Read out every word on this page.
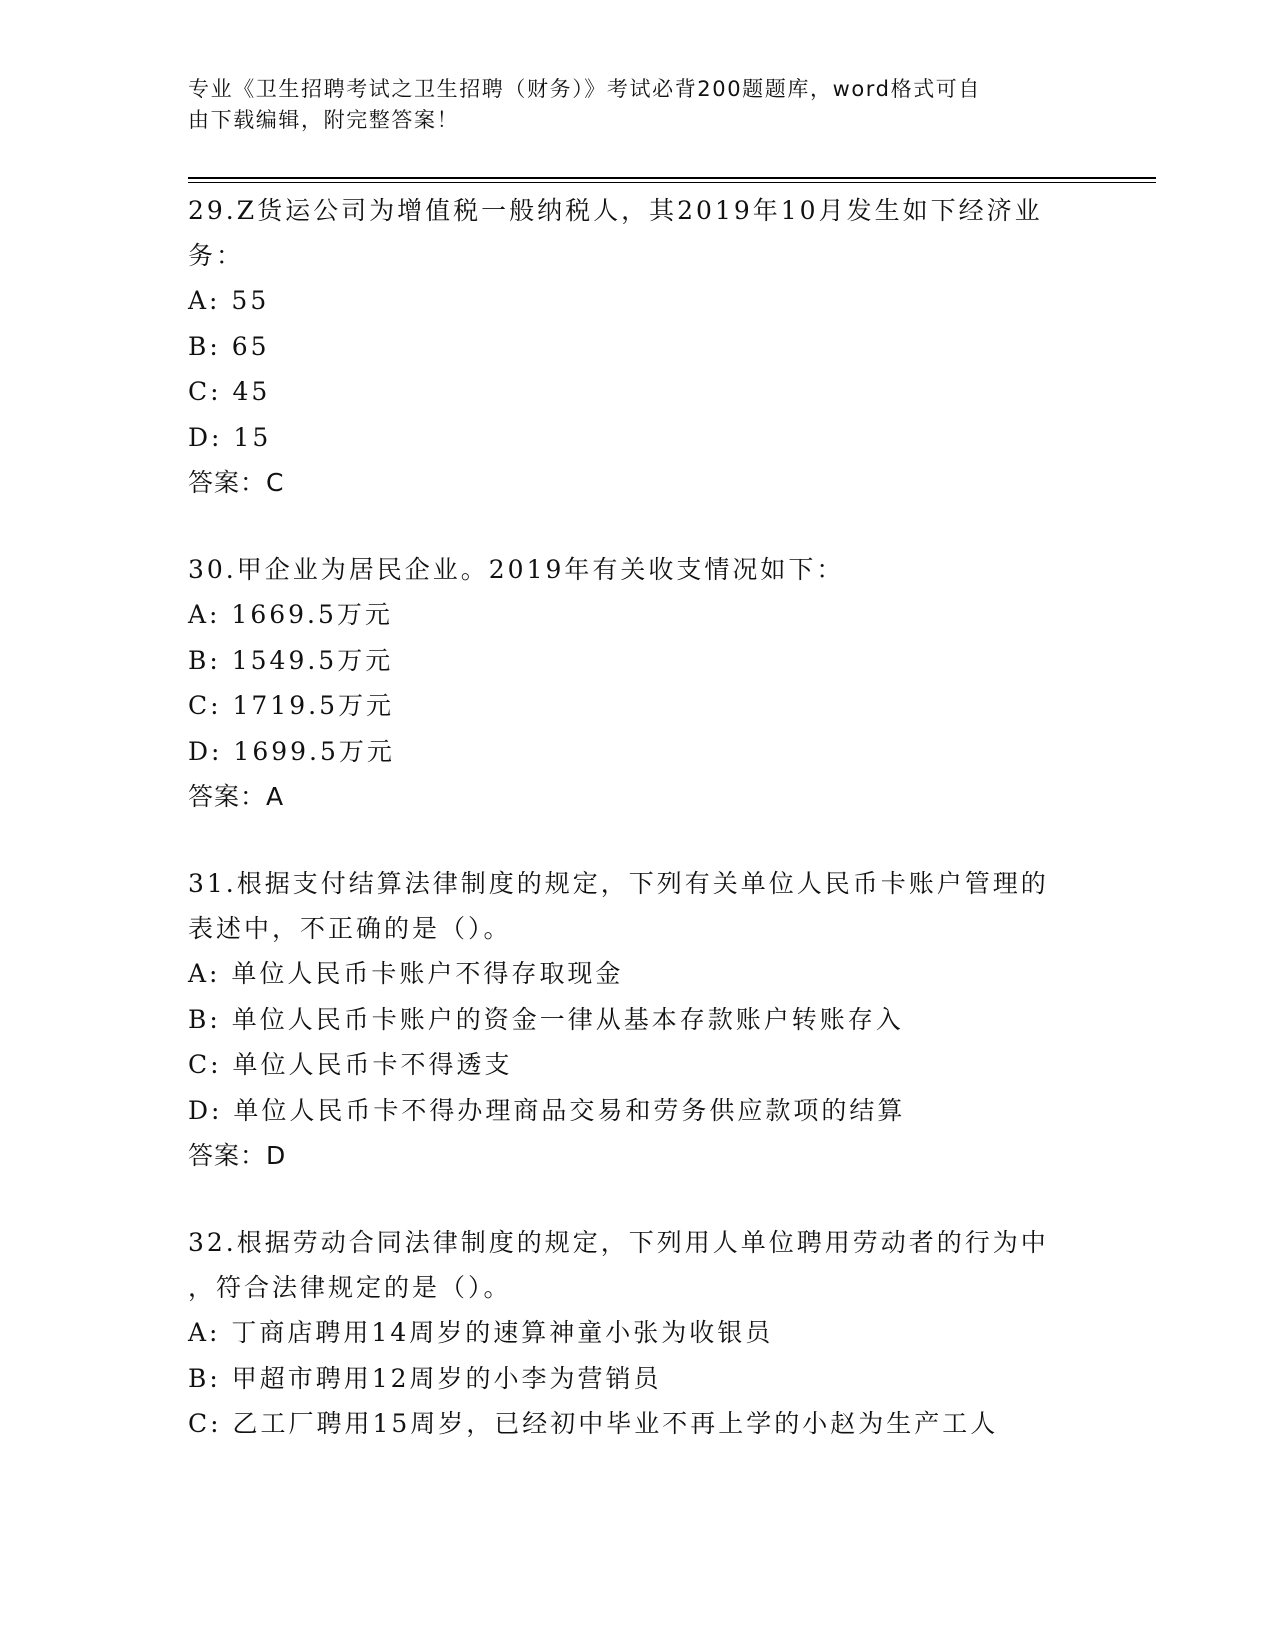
专业《卫生招聘考试之卫生招聘（财务）》考试必背200题题库，word格式可自
由下载编辑，附完整答案！

29.Z货运公司为增值税一般纳税人，其2019年10月发生如下经济业

务：

A: 55

B: 65

C: 45

D: 15

答案：C

30.甲企业为居民企业。2019年有关收支情况如下：

A: 1669.5万元

B: 1549.5万元

C: 1719.5万元

D: 1699.5万元

答案：A

31.根据支付结算法律制度的规定，下列有关单位人民币卡账户管理的

表述中，不正确的是（）。

A: 单位人民币卡账户不得存取现金

B: 单位人民币卡账户的资金一律从基本存款账户转账存入

C: 单位人民币卡不得透支

D: 单位人民币卡不得办理商品交易和劳务供应款项的结算

答案：D

32.根据劳动合同法律制度的规定，下列用人单位聘用劳动者的行为中

，符合法律规定的是（）。

A: 丁商店聘用14周岁的速算神童小张为收银员

B: 甲超市聘用12周岁的小李为营销员

C: 乙工厂聘用15周岁，已经初中毕业不再上学的小赵为生产工人
